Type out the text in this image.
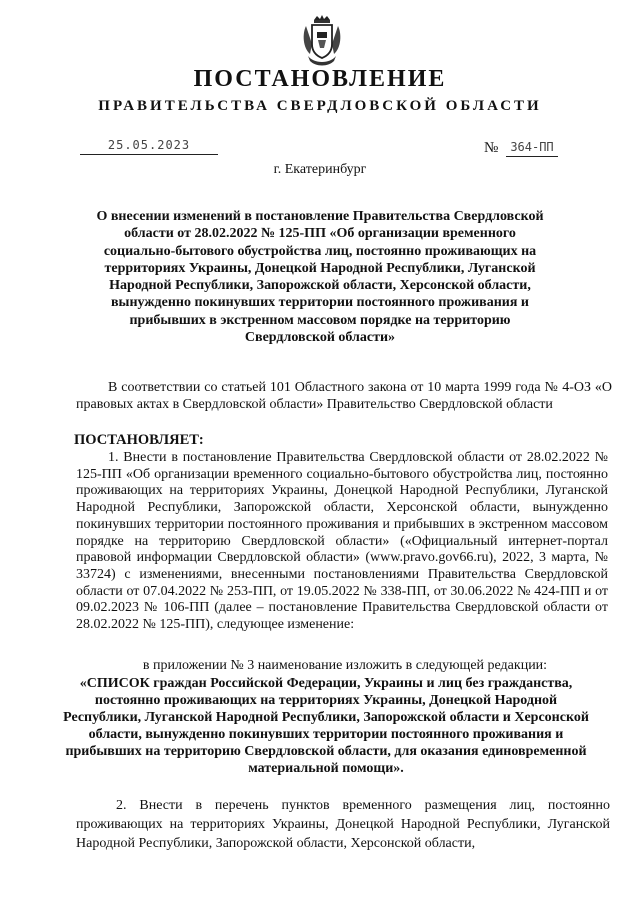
ПОСТАНОВЛЕНИЕ
ПРАВИТЕЛЬСТВА СВЕРДЛОВСКОЙ ОБЛАСТИ
25.05.2023	№	364-ПП
г. Екатеринбург
О внесении изменений в постановление Правительства Свердловской области от 28.02.2022 № 125-ПП «Об организации временного социально-бытового обустройства лиц, постоянно проживающих на территориях Украины, Донецкой Народной Республики, Луганской Народной Республики, Запорожской области, Херсонской области, вынужденно покинувших территории постоянного проживания и прибывших в экстренном массовом порядке на территорию Свердловской области»
В соответствии со статьей 101 Областного закона от 10 марта 1999 года № 4-ОЗ «О правовых актах в Свердловской области» Правительство Свердловской области
ПОСТАНОВЛЯЕТ:
1. Внести в постановление Правительства Свердловской области от 28.02.2022 № 125-ПП «Об организации временного социально-бытового обустройства лиц, постоянно проживающих на территориях Украины, Донецкой Народной Республики, Луганской Народной Республики, Запорожской области, Херсонской области, вынужденно покинувших территории постоянного проживания и прибывших в экстренном массовом порядке на территорию Свердловской области» («Официальный интернет-портал правовой информации Свердловской области» (www.pravo.gov66.ru), 2022, 3 марта, № 33724) с изменениями, внесенными постановлениями Правительства Свердловской области от 07.04.2022 № 253-ПП, от 19.05.2022 № 338-ПП, от 30.06.2022 № 424-ПП и от 09.02.2023 № 106-ПП (далее – постановление Правительства Свердловской области от 28.02.2022 № 125-ПП), следующее изменение:
в приложении № 3 наименование изложить в следующей редакции:
«СПИСОК граждан Российской Федерации, Украины и лиц без гражданства, постоянно проживающих на территориях Украины, Донецкой Народной Республики, Луганской Народной Республики, Запорожской области и Херсонской области, вынужденно покинувших территории постоянного проживания и прибывших на территорию Свердловской области, для оказания единовременной материальной помощи».
2. Внести в перечень пунктов временного размещения лиц, постоянно проживающих на территориях Украины, Донецкой Народной Республики, Луганской Народной Республики, Запорожской области, Херсонской области,
